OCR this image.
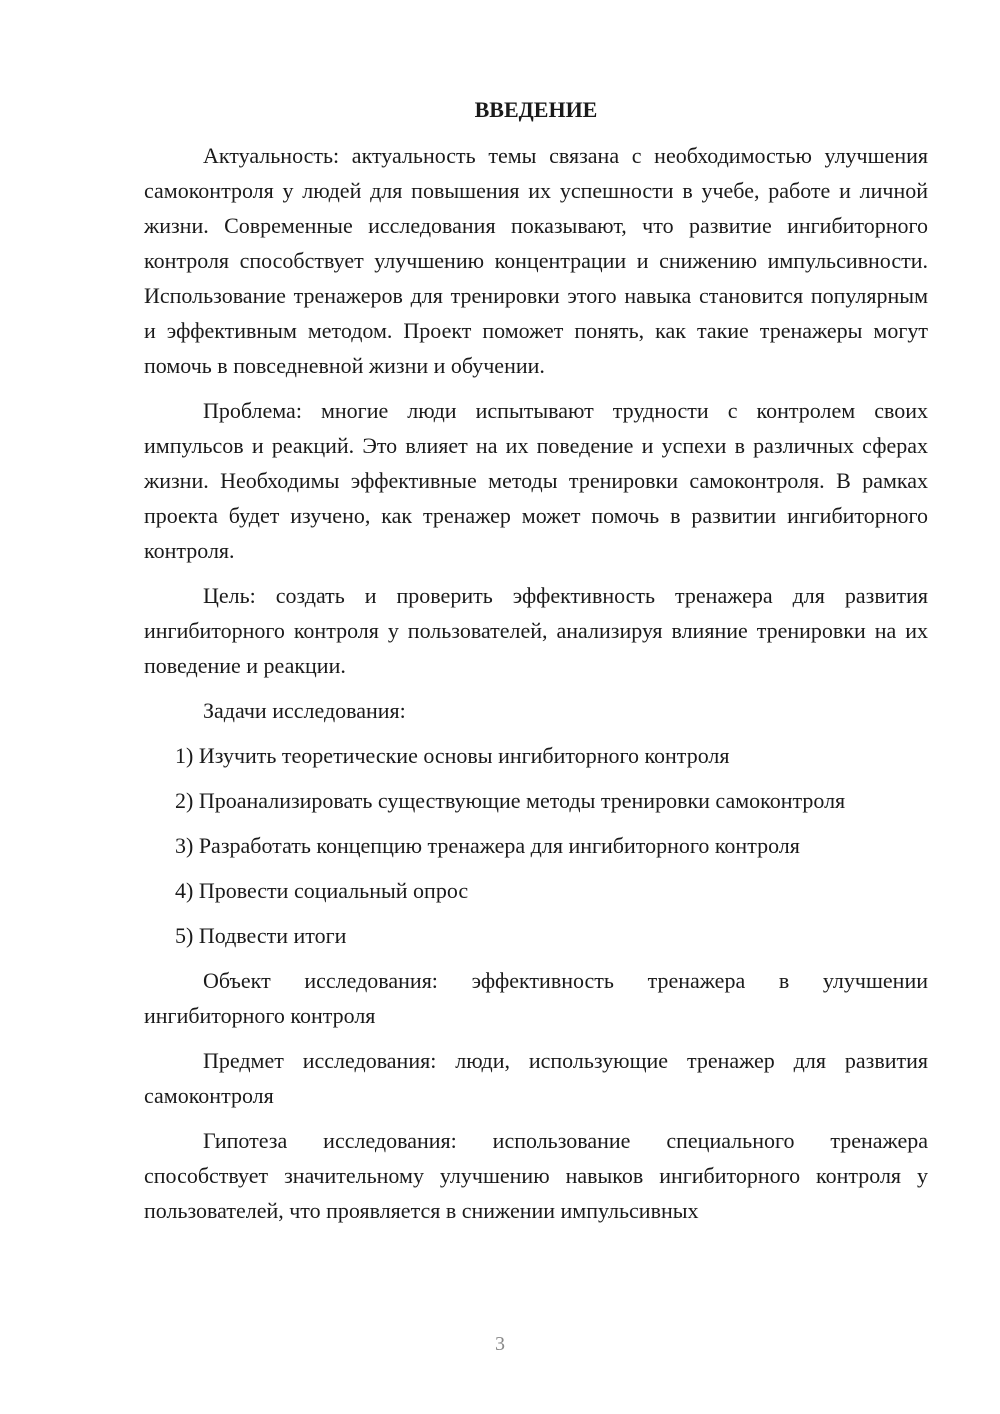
ВВЕДЕНИЕ

Актуальность: актуальность темы связана с необходимостью улучшения самоконтроля у людей для повышения их успешности в учебе, работе и личной жизни. Современные исследования показывают, что развитие ингибиторного контроля способствует улучшению концентрации и снижению импульсивности. Использование тренажеров для тренировки этого навыка становится популярным и эффективным методом. Проект поможет понять, как такие тренажеры могут помочь в повседневной жизни и обучении.

Проблема: многие люди испытывают трудности с контролем своих импульсов и реакций. Это влияет на их поведение и успехи в различных сферах жизни. Необходимы эффективные методы тренировки самоконтроля. В рамках проекта будет изучено, как тренажер может помочь в развитии ингибиторного контроля.

Цель: создать и проверить эффективность тренажера для развития ингибиторного контроля у пользователей, анализируя влияние тренировки на их поведение и реакции.

Задачи исследования:

1) Изучить теоретические основы ингибиторного контроля

2) Проанализировать существующие методы тренировки самоконтроля

3) Разработать концепцию тренажера для ингибиторного контроля

4) Провести социальный опрос

5) Подвести итоги

Объект исследования: эффективность тренажера в улучшении ингибиторного контроля

Предмет исследования: люди, использующие тренажер для развития самоконтроля

Гипотеза исследования: использование специального тренажера способствует значительному улучшению навыков ингибиторного контроля у пользователей, что проявляется в снижении импульсивных

3
